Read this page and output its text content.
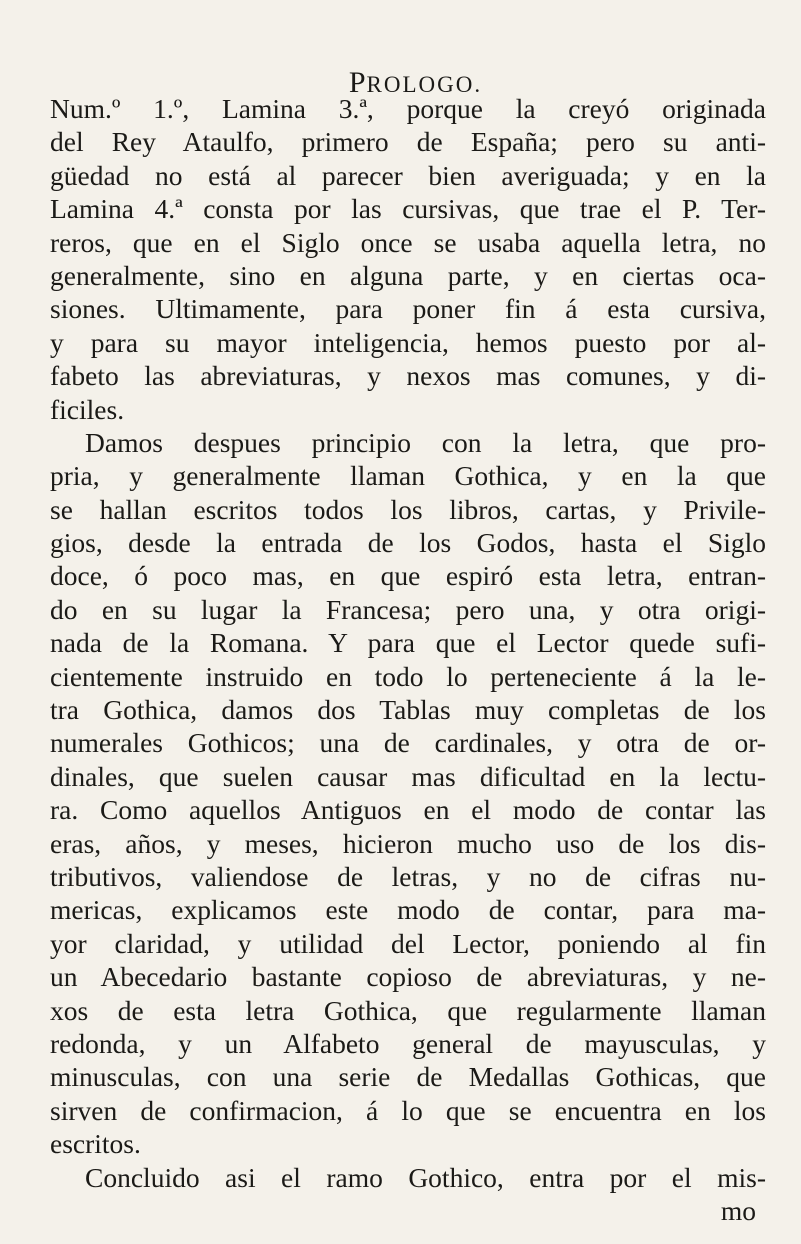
PROLOGO.
Num.º 1.º, Lamina 3.ª, porque la creyó originada
del Rey Ataulfo, primero de España; pero su anti-
güedad no está al parecer bien averiguada; y en la
Lamina 4.ª consta por las cursivas, que trae el P. Ter-
reros, que en el Siglo once se usaba aquella letra, no
generalmente, sino en alguna parte, y en ciertas oca-
siones. Ultimamente, para poner fin á esta cursiva,
y para su mayor inteligencia, hemos puesto por al-
fabeto las abreviaturas, y nexos mas comunes, y di-
ficiles.
Damos despues principio con la letra, que pro-
pria, y generalmente llaman Gothica, y en la que
se hallan escritos todos los libros, cartas, y Privile-
gios, desde la entrada de los Godos, hasta el Siglo
doce, ó poco mas, en que espiró esta letra, entran-
do en su lugar la Francesa; pero una, y otra origi-
nada de la Romana. Y para que el Lector quede sufi-
cientemente instruido en todo lo perteneciente á la le-
tra Gothica, damos dos Tablas muy completas de los
numerales Gothicos; una de cardinales, y otra de or-
dinales, que suelen causar mas dificultad en la lectu-
ra. Como aquellos Antiguos en el modo de contar las
eras, años, y meses, hicieron mucho uso de los dis-
tributivos, valiendose de letras, y no de cifras nu-
mericas, explicamos este modo de contar, para ma-
yor claridad, y utilidad del Lector, poniendo al fin
un Abecedario bastante copioso de abreviaturas, y ne-
xos de esta letra Gothica, que regularmente llaman
redonda, y un Alfabeto general de mayusculas, y
minusculas, con una serie de Medallas Gothicas, que
sirven de confirmacion, á lo que se encuentra en los
escritos.
Concluido asi el ramo Gothico, entra por el mis-
mo
